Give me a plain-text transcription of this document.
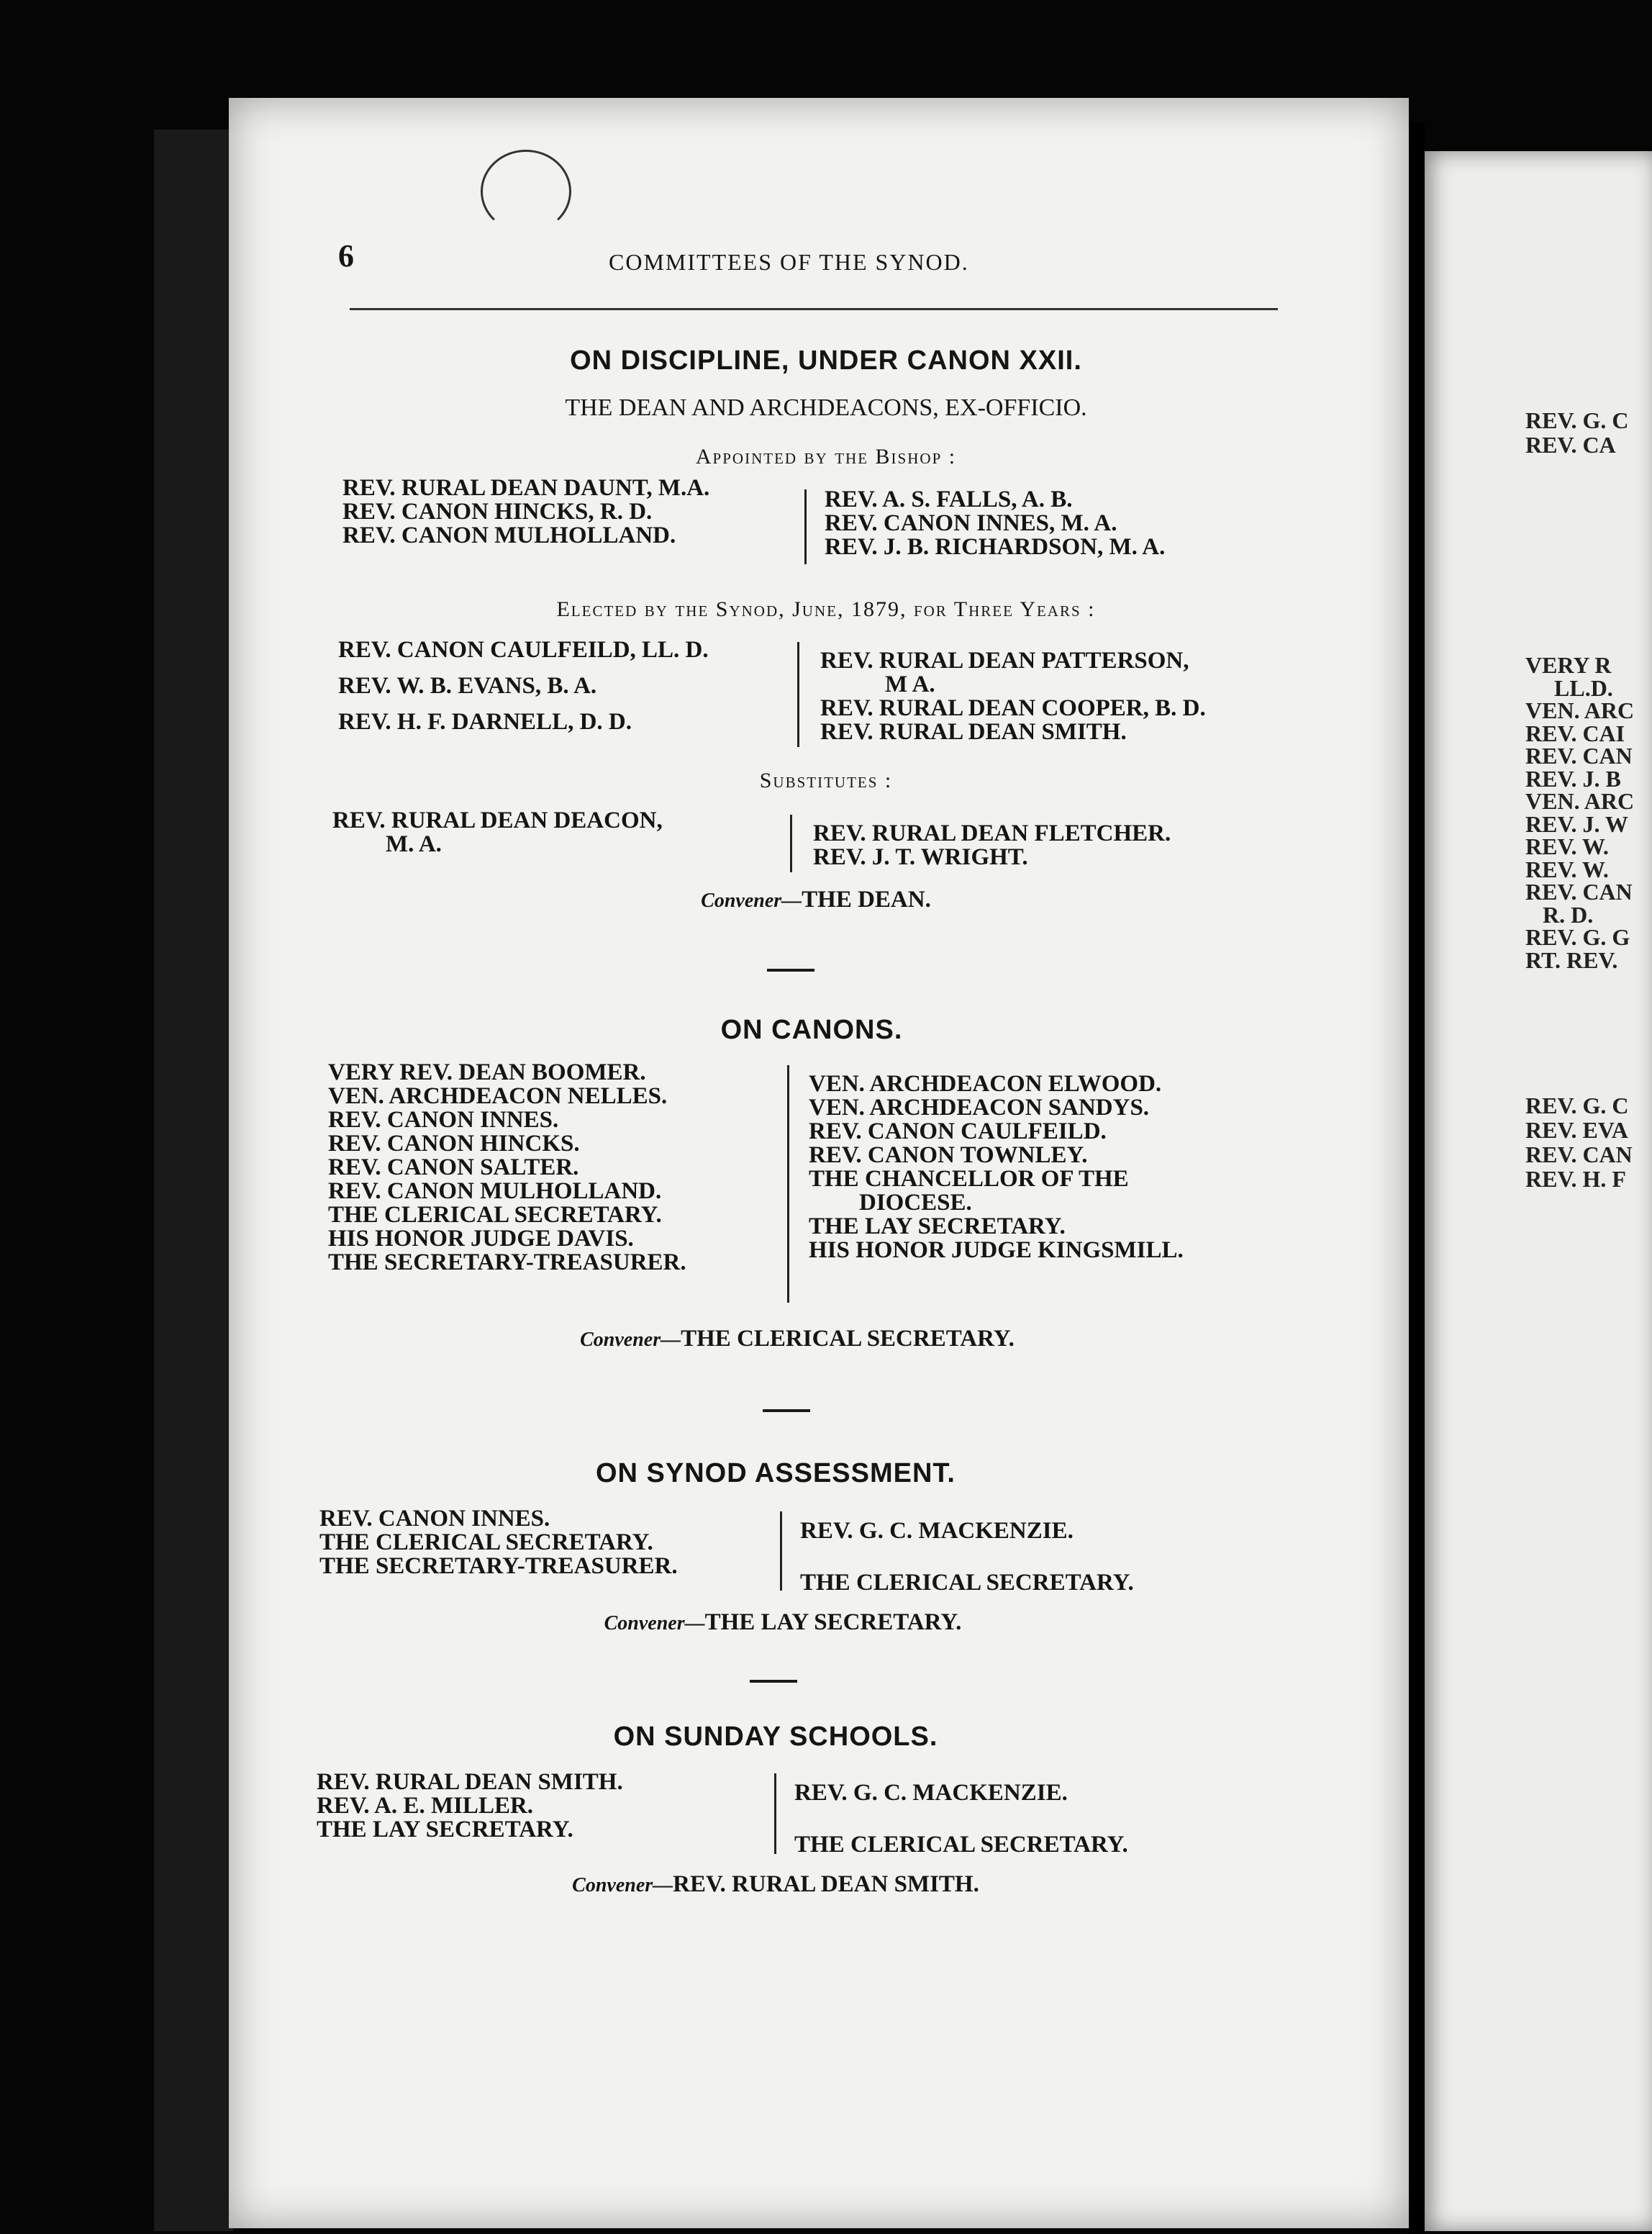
REV. G. C
REV. CA
VERY R
LL.D.
VEN. ARC
REV. CAI
REV. CAN
REV. J. B
VEN. ARC
REV. J. W
REV. W.
REV. W.
REV. CAN
R. D.
REV. G. G
RT. REV.
REV. G. C
REV. EVA
REV. CAN
REV. H. F
6	COMMITTEES OF THE SYNOD.
ON DISCIPLINE, UNDER CANON XXII.
THE DEAN AND ARCHDEACONS, EX-OFFICIO.
Appointed by the Bishop :
REV. RURAL DEAN DAUNT, M.A.
REV. CANON HINCKS, R. D.
REV. CANON MULHOLLAND.
REV. A. S. FALLS, A. B.
REV. CANON INNES, M. A.
REV. J. B. RICHARDSON, M. A.
Elected by the Synod, June, 1879, for Three Years :
REV. CANON CAULFEILD, LL. D.
REV. W. B. EVANS, B. A.
REV. H. F. DARNELL, D. D.
REV. RURAL DEAN PATTERSON,
M A.
REV. RURAL DEAN COOPER, B. D.
REV. RURAL DEAN SMITH.
Substitutes :
REV. RURAL DEAN DEACON,
M. A.	REV. RURAL DEAN FLETCHER.
REV. J. T. WRIGHT.
Convener—THE DEAN.
ON CANONS.
VERY REV. DEAN BOOMER.
VEN. ARCHDEACON NELLES.
REV. CANON INNES.
REV. CANON HINCKS.
REV. CANON SALTER.
REV. CANON MULHOLLAND.
THE CLERICAL SECRETARY.
HIS HONOR JUDGE DAVIS.
THE SECRETARY-TREASURER.
VEN. ARCHDEACON ELWOOD.
VEN. ARCHDEACON SANDYS.
REV. CANON CAULFEILD.
REV. CANON TOWNLEY.
THE CHANCELLOR OF THE
DIOCESE.
THE LAY SECRETARY.
HIS HONOR JUDGE KINGSMILL.
Convener—THE CLERICAL SECRETARY.
ON SYNOD ASSESSMENT.
REV. CANON INNES.
THE CLERICAL SECRETARY.
THE SECRETARY-TREASURER.
REV. G. C. MACKENZIE.
THE CLERICAL SECRETARY.
Convener—THE LAY SECRETARY.
ON SUNDAY SCHOOLS.
REV. RURAL DEAN SMITH.
REV. A. E. MILLER.
THE LAY SECRETARY.
REV. G. C. MACKENZIE.
THE CLERICAL SECRETARY.
Convener—REV. RURAL DEAN SMITH.
